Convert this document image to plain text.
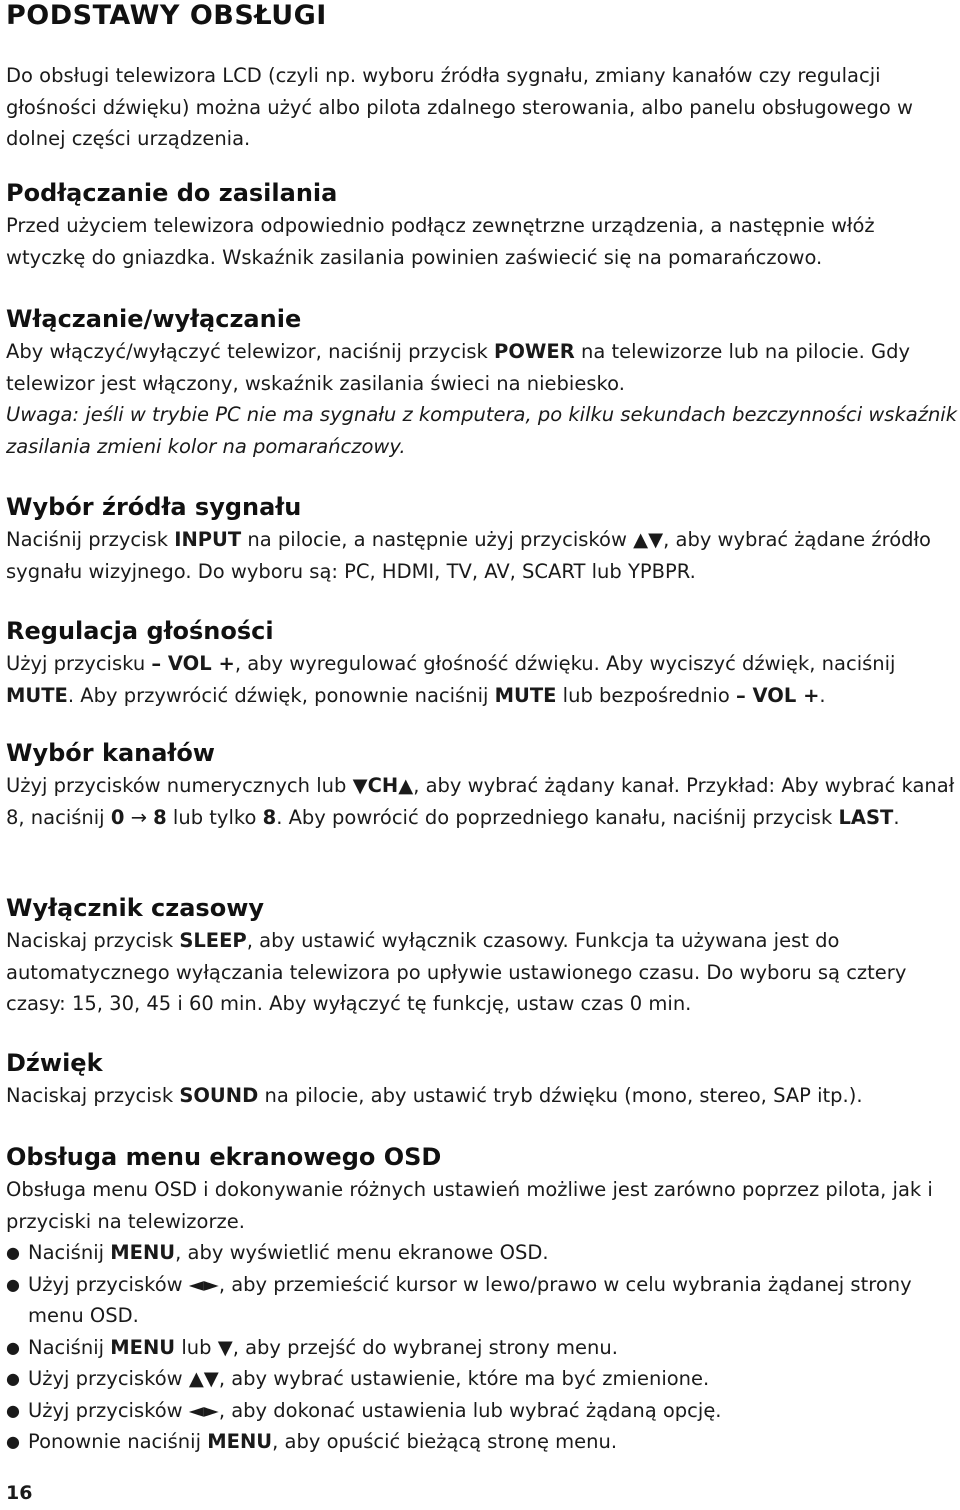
PODSTAWY OBSŁUGI

Do obsługi telewizora LCD (czyli np. wyboru źródła sygnału, zmiany kanałów czy regulacji głośności dźwięku) można użyć albo pilota zdalnego sterowania, albo panelu obsługowego w dolnej części urządzenia.

Podłączanie do zasilania

Przed użyciem telewizora odpowiednio podłącz zewnętrzne urządzenia, a następnie włóż wtyczkę do gniazdka. Wskaźnik zasilania powinien zaświecić się na pomarańczowo.

Włączanie/wyłączanie

Aby włączyć/wyłączyć telewizor, naciśnij przycisk POWER na telewizorze lub na pilocie. Gdy telewizor jest włączony, wskaźnik zasilania świeci na niebiesko.

Uwaga: jeśli w trybie PC nie ma sygnału z komputera, po kilku sekundach bezczynności wskaźnik zasilania zmieni kolor na pomarańczowy.

Wybór źródła sygnału

Naciśnij przycisk INPUT na pilocie, a następnie użyj przycisków ▲▼, aby wybrać żądane źródło sygnału wizyjnego. Do wyboru są: PC, HDMI, TV, AV, SCART lub YPBPR.

Regulacja głośności

Użyj przycisku – VOL +, aby wyregulować głośność dźwięku. Aby wyciszyć dźwięk, naciśnij MUTE. Aby przywrócić dźwięk, ponownie naciśnij MUTE lub bezpośrednio – VOL +.

Wybór kanałów

Użyj przycisków numerycznych lub ▼CH▲, aby wybrać żądany kanał. Przykład: Aby wybrać kanał 8, naciśnij 0 → 8 lub tylko 8. Aby powrócić do poprzedniego kanału, naciśnij przycisk LAST.

Wyłącznik czasowy

Naciskaj przycisk SLEEP, aby ustawić wyłącznik czasowy. Funkcja ta używana jest do automatycznego wyłączania telewizora po upływie ustawionego czasu. Do wyboru są cztery czasy: 15, 30, 45 i 60 min. Aby wyłączyć tę funkcję, ustaw czas 0 min.

Dźwięk

Naciskaj przycisk SOUND na pilocie, aby ustawić tryb dźwięku (mono, stereo, SAP itp.).

Obsługa menu ekranowego OSD

Obsługa menu OSD i dokonywanie różnych ustawień możliwe jest zarówno poprzez pilota, jak i przyciski na telewizorze.

● Naciśnij MENU, aby wyświetlić menu ekranowe OSD.
● Użyj przycisków ◄►, aby przemieścić kursor w lewo/prawo w celu wybrania żądanej strony menu OSD.
● Naciśnij MENU lub ▼, aby przejść do wybranej strony menu.
● Użyj przycisków ▲▼, aby wybrać ustawienie, które ma być zmienione.
● Użyj przycisków ◄►, aby dokonać ustawienia lub wybrać żądaną opcję.
● Ponownie naciśnij MENU, aby opuścić bieżącą stronę menu.
16
